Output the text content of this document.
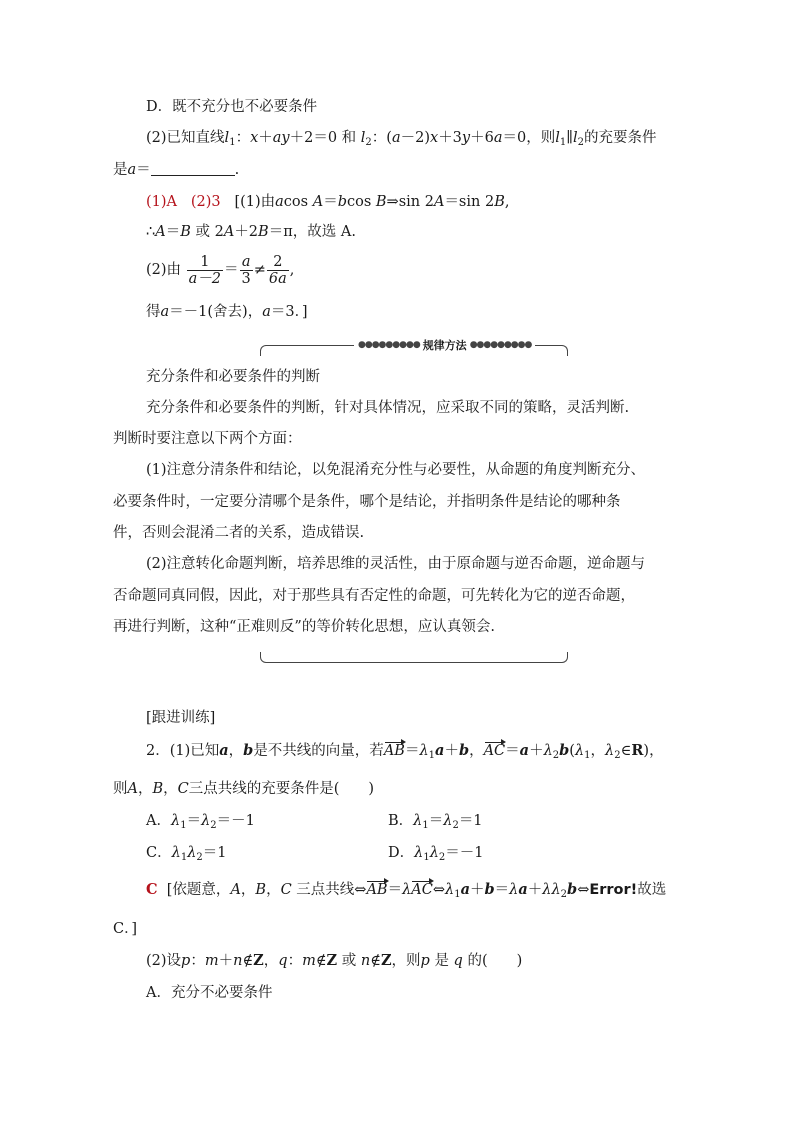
D．既不充分也不必要条件
(2)已知直线$l_1$：x＋ay＋2＝0 和 $l_2$：(a－2)x＋3y＋6a＝0，则$l_1\parallel l_2$的充要条件
是a＝	.
(1)A (2)3 [(1)由acos A＝bcos B⇒sin 2A＝sin 2B,
∴A＝B 或 2A＋2B＝π，故选 A.
(2)由 $\frac{1}{a-2} = \frac{a}{3} \ne \frac{2}{6a}$ ,
得a＝－1(舍去)，a＝3．]
●●●●●●●●● 规律方法 ●●●●●●●●●
充分条件和必要条件的判断
充分条件和必要条件的判断，针对具体情况，应采取不同的策略，灵活判断.
判断时要注意以下两个方面：
(1)注意分清条件和结论，以免混淆充分性与必要性，从命题的角度判断充分、
必要条件时，一定要分清哪个是条件，哪个是结论，并指明条件是结论的哪种条
件，否则会混淆二者的关系，造成错误.
(2)注意转化命题判断，培养思维的灵活性，由于原命题与逆否命题，逆命题与
否命题同真同假，因此，对于那些具有否定性的命题，可先转化为它的逆否命题，
再进行判断，这种“正难则反”的等价转化思想，应认真领会.
[跟进训练]
2．(1)已知a，b是不共线的向量，若$AB=\lambda_1a+b$，$AC=a+\lambda_2b(\lambda_1$，$\lambda_2\in R$)，
则A，B，C三点共线的充要条件是(　　)
A．$\lambda_1=\lambda_2=-1$	B．$\lambda_1=\lambda_2=1$
C．$\lambda_1\lambda_2=1$	D．$\lambda_1\lambda_2=-1$
C [依题意，A，B，C 三点共线$\Leftrightarrow AB=\lambda AC\Leftrightarrow\lambda_1a+b=\lambda a+\lambda\lambda_2b\Leftrightarrow Error$!故选
C．]
(2)设p：m＋n∉Z，q：m∉Z 或 n∉Z，则p 是 q 的(　　)
A．充分不必要条件
